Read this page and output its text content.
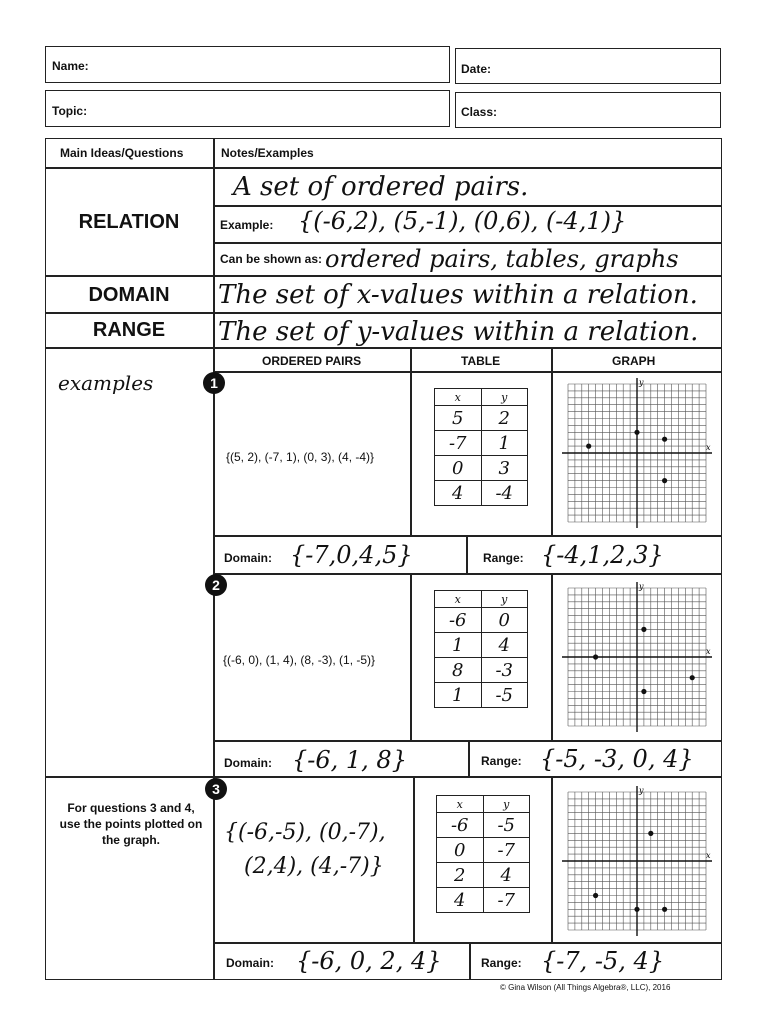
Name:	Date:
Topic:	Class:
Main Ideas/Questions	Notes/Examples
RELATION
A set of ordered pairs.
Example: {(-6,2), (5,-1), (0,6), (-4,1)}
Can be shown as: ordered pairs, tables, graphs
DOMAIN	The set of x-values within a relation.
RANGE	The set of y-values within a relation.
examples
ORDERED PAIRS	TABLE	GRAPH
1
{(5, 2), (-7, 1), (0, 3), (4, -4)}
x	y
5	2
-7	1
0	3
4	-4
x
y
Domain: {-7,0,4,5}	Range: {-4,1,2,3}
2
{(-6, 0), (1, 4), (8, -3), (1, -5)}
x	y
-6	0
1	4
8	-3
1	-5
x
y
Domain: {-6, 1, 8}	Range: {-5, -3, 0, 4}
3
For questions 3 and 4, use the points plotted on the graph.	{(-6,-5), (0,-7),
(2,4), (4,-7)}
x	y
-6	-5
0	-7
2	4
4	-7
x
y
Domain: {-6, 0, 2, 4}	Range: {-7, -5, 4}
© Gina Wilson (All Things Algebra®, LLC), 2016
